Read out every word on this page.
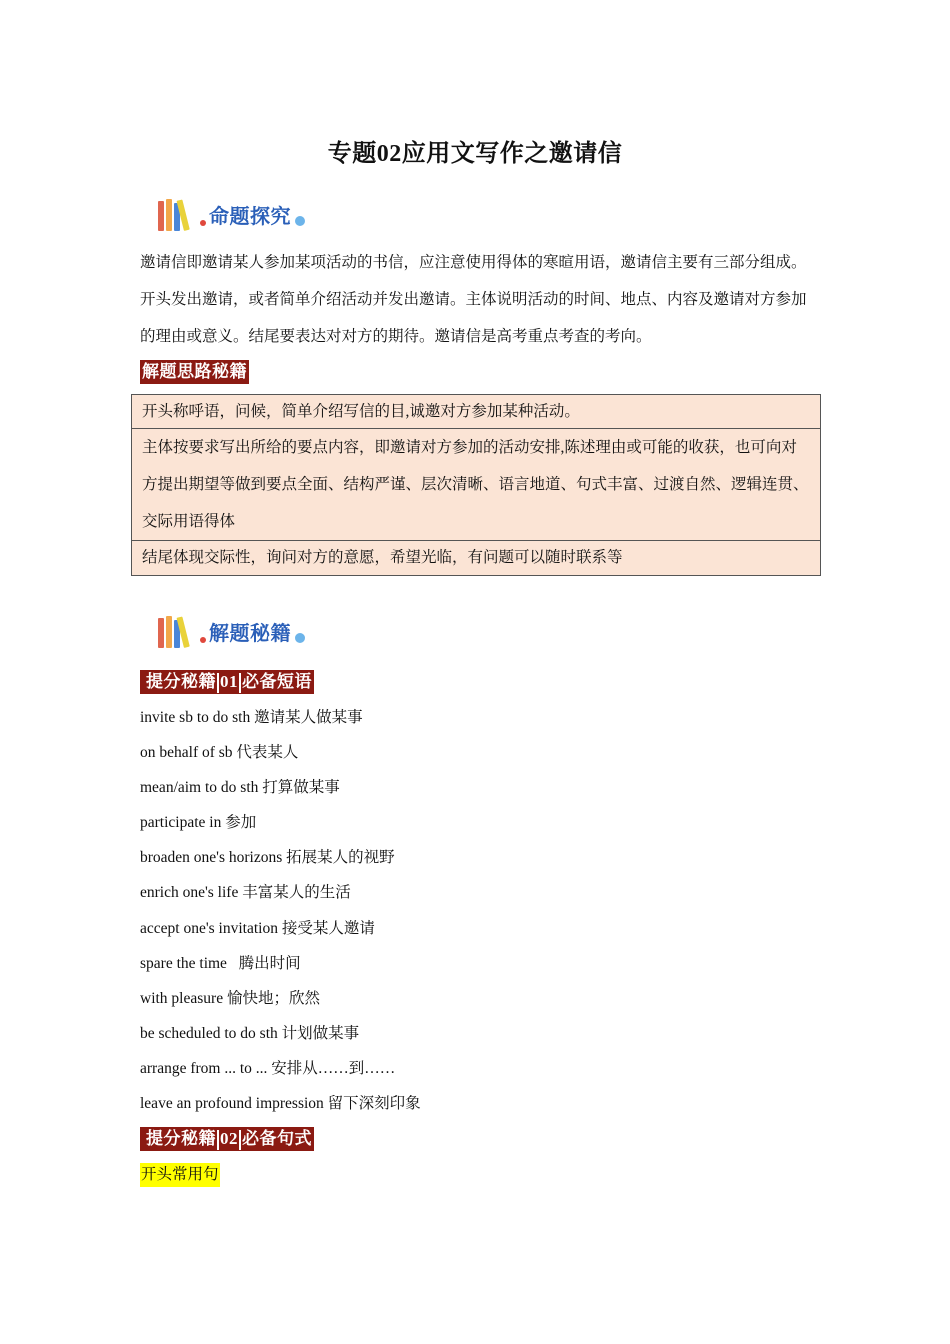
专题02应用文写作之邀请信
命题探究

邀请信即邀请某人参加某项活动的书信，应注意使用得体的寒暄用语，邀请信主要有三部分组成。开头发出邀请，或者简单介绍活动并发出邀请。主体说明活动的时间、地点、内容及邀请对方参加的理由或意义。结尾要表达对对方的期待。邀请信是高考重点考查的考向。

解题思路秘籍
开头称呼语，问候，简单介绍写信的目,诚邀对方参加某种活动。
主体按要求写出所给的要点内容，即邀请对方参加的活动安排,陈述理由或可能的收获，也可向对方提出期望等做到要点全面、结构严谨、层次清晰、语言地道、句式丰富、过渡自然、逻辑连贯、交际用语得体
结尾体现交际性，询问对方的意愿，希望光临，有问题可以随时联系等
解题秘籍
提分秘籍 01 必备短语
invite sb to do sth 邀请某人做某事
on behalf of sb 代表某人
mean/aim to do sth 打算做某事
participate in 参加
broaden one's horizons 拓展某人的视野
enrich one's life 丰富某人的生活
accept one's invitation 接受某人邀请
spare the time   腾出时间
with pleasure 愉快地；欣然
be scheduled to do sth 计划做某事
arrange from ... to ... 安排从……到……
leave an profound impression 留下深刻印象
提分秘籍 02 必备句式
开头常用句
